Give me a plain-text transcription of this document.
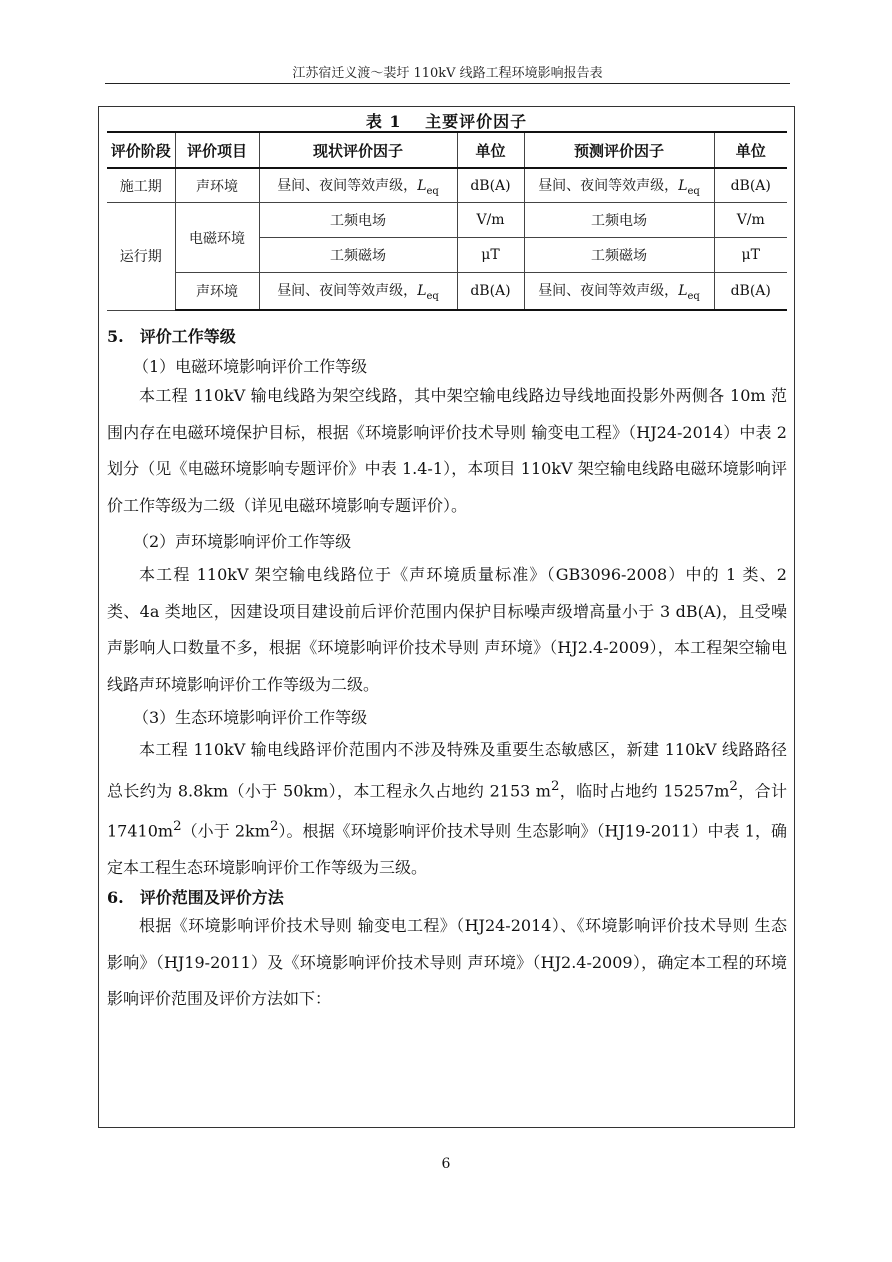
江苏宿迁义渡～裴圩 110kV 线路工程环境影响报告表
表 1　 主要评价因子
评价阶段	评价项目	现状评价因子	单位	预测评价因子	单位
施工期	声环境	昼间、夜间等效声级，$L_{eq}$	dB(A)	昼间、夜间等效声级，$L_{eq}$	dB(A)
运行期	电磁环境	工频电场	V/m	工频电场	V/m
		工频磁场	μT	工频磁场	μT
	声环境	昼间、夜间等效声级，$L_{eq}$	dB(A)	昼间、夜间等效声级，$L_{eq}$	dB(A)
5.　评价工作等级
（1）电磁环境影响评价工作等级
本工程 110kV 输电线路为架空线路，其中架空输电线路边导线地面投影外两侧各 10m 范围内存在电磁环境保护目标，根据《环境影响评价技术导则 输变电工程》（HJ24-2014）中表 2 划分（见《电磁环境影响专题评价》中表 1.4-1），本项目 110kV 架空输电线路电磁环境影响评价工作等级为二级（详见电磁环境影响专题评价）。
（2）声环境影响评价工作等级
本工程 110kV 架空输电线路位于《声环境质量标准》（GB3096-2008）中的 1 类、2 类、4a 类地区，因建设项目建设前后评价范围内保护目标噪声级增高量小于 3 dB(A)，且受噪声影响人口数量不多，根据《环境影响评价技术导则 声环境》（HJ2.4-2009），本工程架空输电线路声环境影响评价工作等级为二级。
（3）生态环境影响评价工作等级
本工程 110kV 输电线路评价范围内不涉及特殊及重要生态敏感区，新建 110kV 线路路径总长约为 8.8km（小于 50km），本工程永久占地约 2153 $m^2$，临时占地约 $15257m^2$，合计 $17410m^2$（小于 $2km^2$）。根据《环境影响评价技术导则 生态影响》（HJ19-2011）中表 1，确定本工程生态环境影响评价工作等级为三级。
6.　评价范围及评价方法
根据《环境影响评价技术导则 输变电工程》（HJ24-2014）、《环境影响评价技术导则 生态影响》（HJ19-2011）及《环境影响评价技术导则 声环境》（HJ2.4-2009），确定本工程的环境影响评价范围及评价方法如下：
6
